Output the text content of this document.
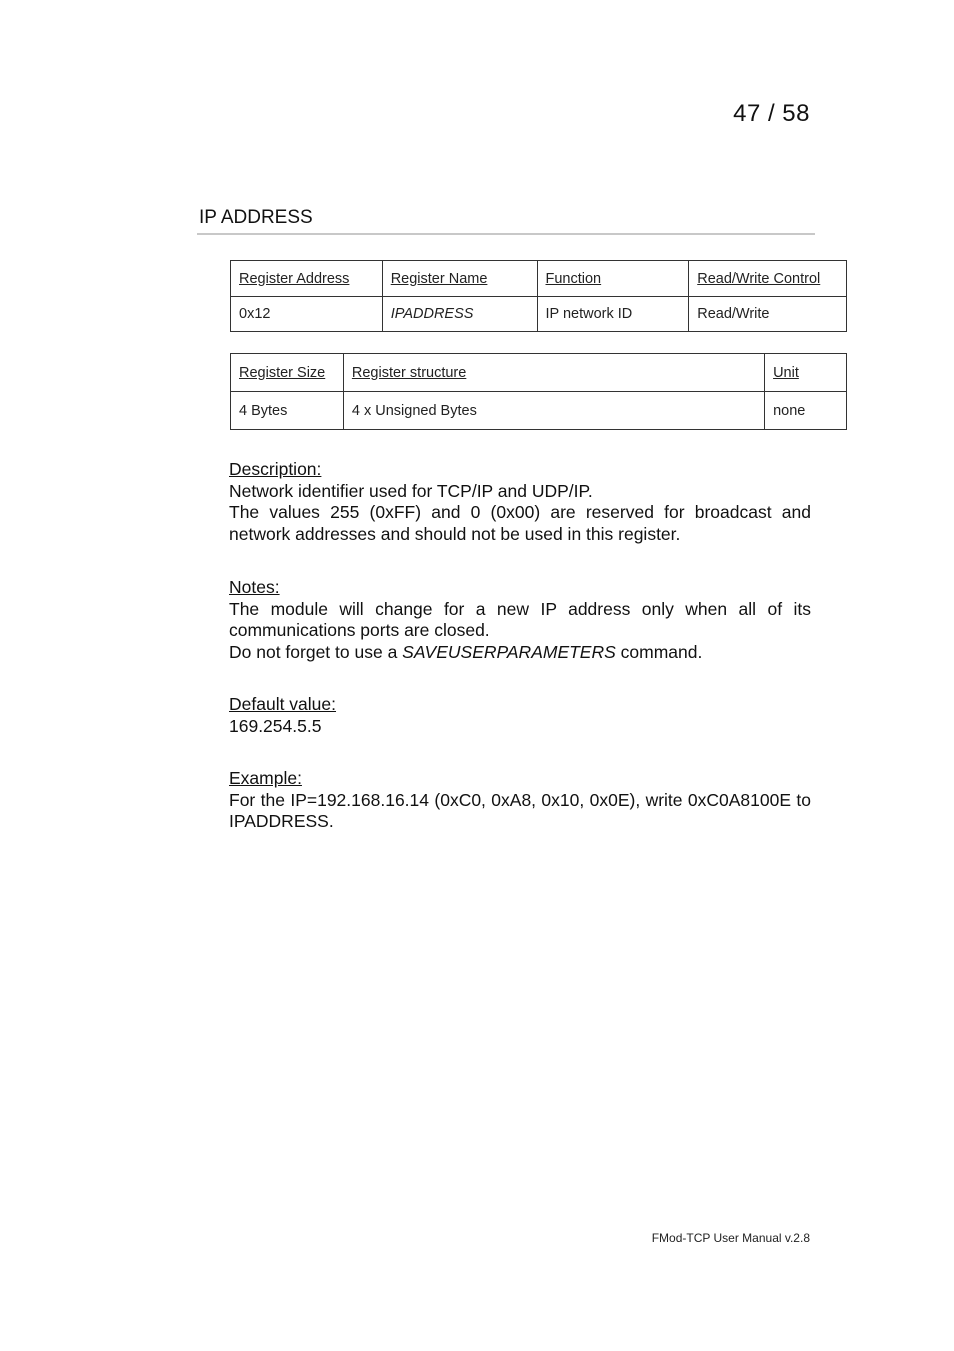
47 / 58
IP ADDRESS
Register Address	Register Name	Function	Read/Write Control
0x12	IPADDRESS	IP network ID	Read/Write
Register Size	Register structure	Unit
4 Bytes	4 x Unsigned Bytes	none
Description:
Network identifier used for TCP/IP and UDP/IP.
The values 255 (0xFF) and 0 (0x00) are reserved for broadcast and network addresses and should not be used in this register.
Notes:
The module will change for a new IP address only when all of its communications ports are closed.
Do not forget to use a SAVEUSERPARAMETERS command.
Default value:
169.254.5.5
Example:
For the IP=192.168.16.14 (0xC0, 0xA8, 0x10, 0x0E), write 0xC0A8100E to IPADDRESS.
FMod-TCP User Manual v.2.8
